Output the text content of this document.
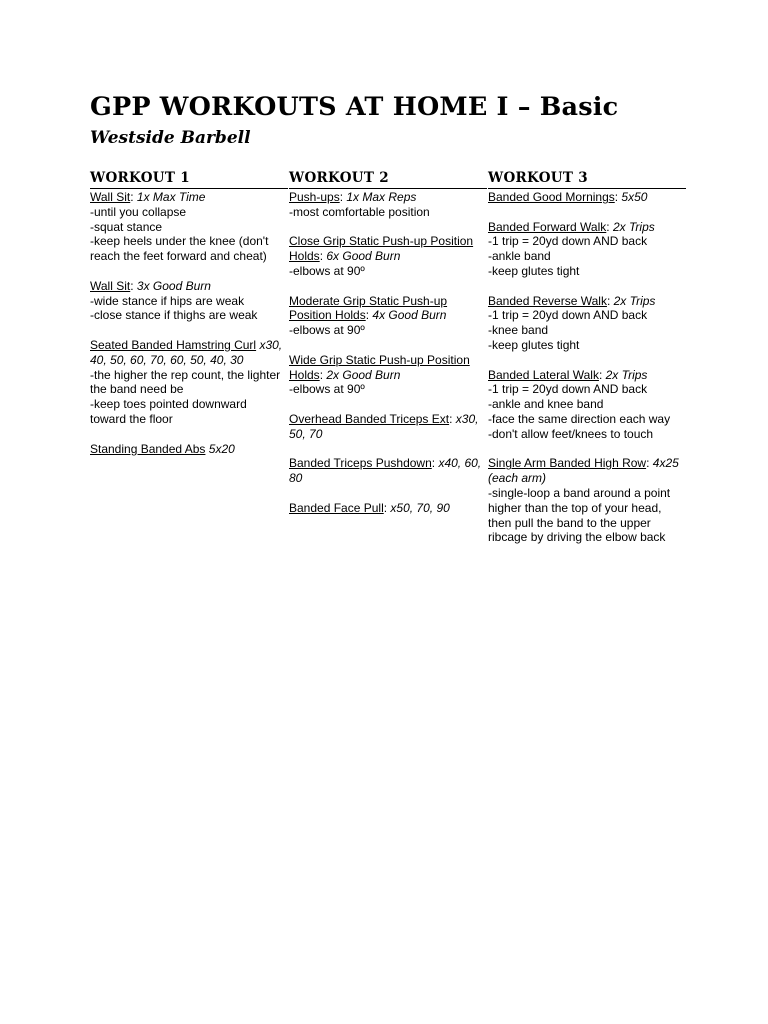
GPP WORKOUTS AT HOME I – Basic
Westside Barbell
WORKOUT 1
Wall Sit: 1x Max Time
-until you collapse
-squat stance
-keep heels under the knee (don't reach the feet forward and cheat)
Wall Sit: 3x Good Burn
-wide stance if hips are weak
-close stance if thighs are weak
Seated Banded Hamstring Curl x30, 40, 50, 60, 70, 60, 50, 40, 30
-the higher the rep count, the lighter the band need be
-keep toes pointed downward toward the floor
Standing Banded Abs 5x20
WORKOUT 2
Push-ups: 1x Max Reps
-most comfortable position
Close Grip Static Push-up Position Holds: 6x Good Burn
-elbows at 90º
Moderate Grip Static Push-up Position Holds: 4x Good Burn
-elbows at 90º
Wide Grip Static Push-up Position Holds: 2x Good Burn
-elbows at 90º
Overhead Banded Triceps Ext: x30, 50, 70
Banded Triceps Pushdown: x40, 60, 80
Banded Face Pull: x50, 70, 90
WORKOUT 3
Banded Good Mornings: 5x50
Banded Forward Walk: 2x Trips
-1 trip = 20yd down AND back
-ankle band
-keep glutes tight
Banded Reverse Walk: 2x Trips
-1 trip = 20yd down AND back
-knee band
-keep glutes tight
Banded Lateral Walk: 2x Trips
-1 trip = 20yd down AND back
-ankle and knee band
-face the same direction each way
-don't allow feet/knees to touch
Single Arm Banded High Row: 4x25 (each arm)
-single-loop a band around a point higher than the top of your head, then pull the band to the upper ribcage by driving the elbow back
